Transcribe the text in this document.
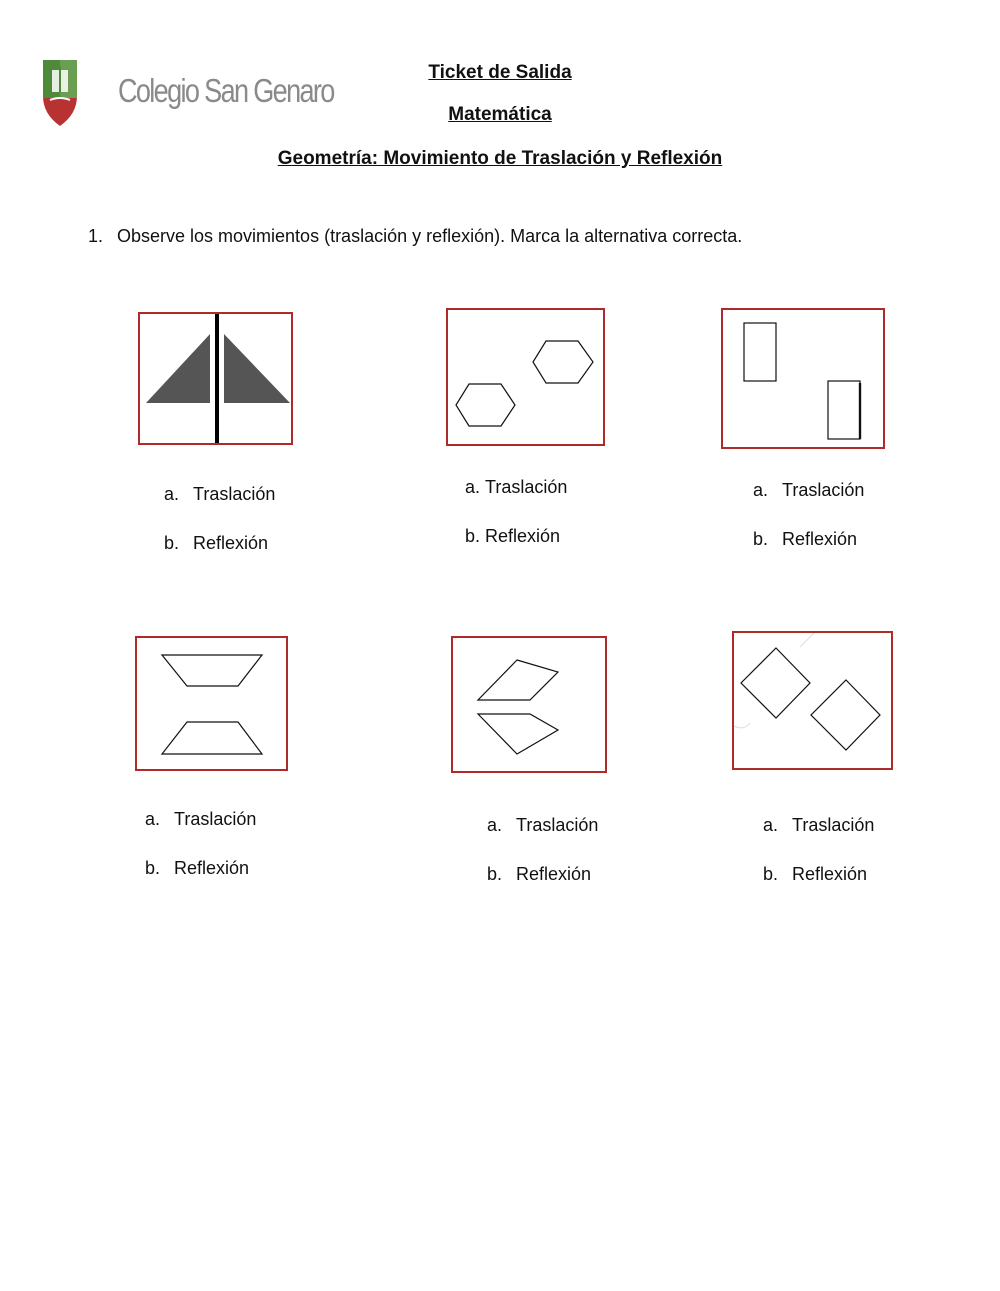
Colegio San Genaro	Ticket de Salida
Matemática
Geometría: Movimiento de Traslación y Reflexión
1. Observe los movimientos (traslación y reflexión). Marca la alternativa correcta.
a. Traslación
b. Reflexión
a. Traslación
b. Reflexión
a. Traslación
b. Reflexión
a. Traslación
b. Reflexión
a. Traslación
b. Reflexión
a. Traslación
b. Reflexión
